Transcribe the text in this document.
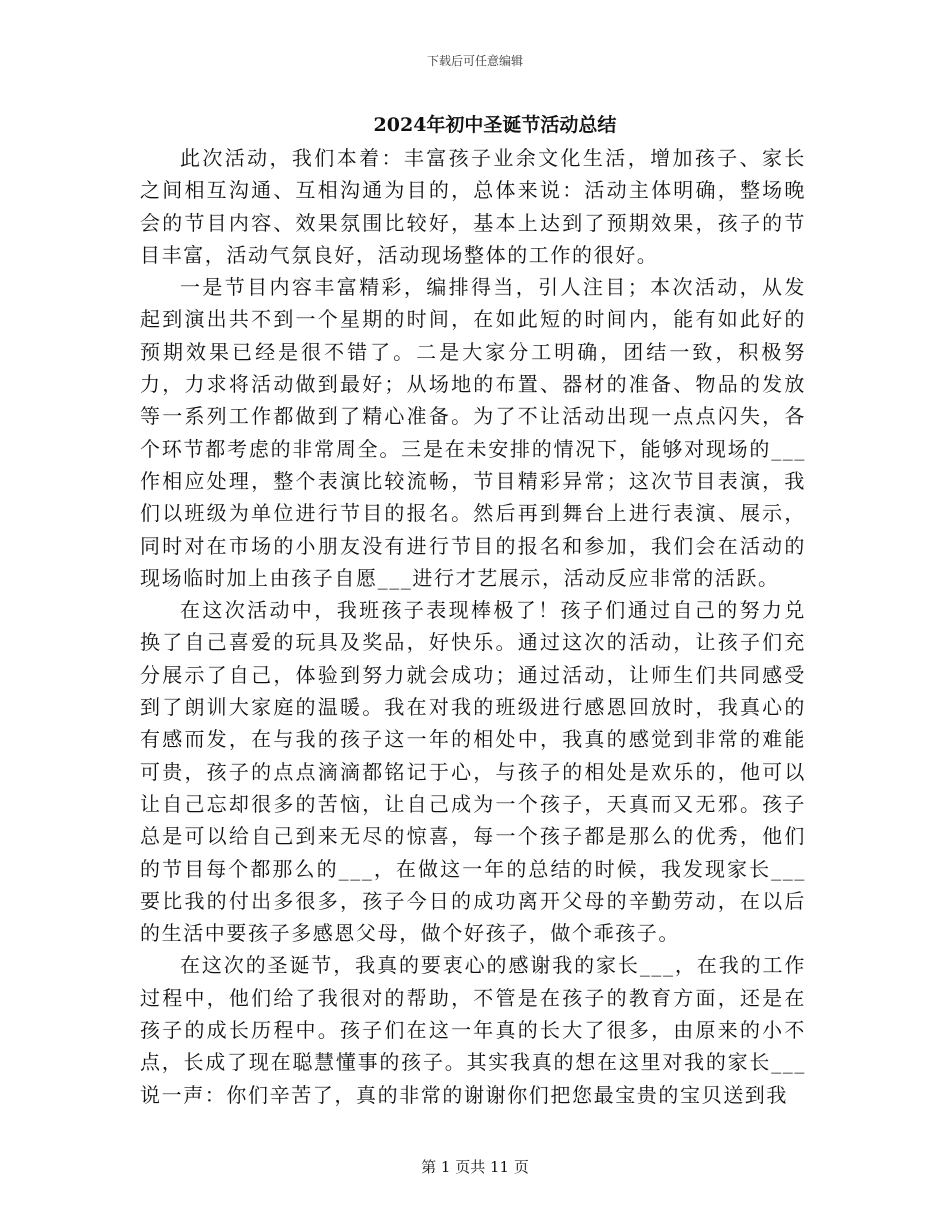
下载后可任意编辑
2024年初中圣诞节活动总结

此次活动，我们本着：丰富孩子业余文化生活，增加孩子、家长之间相互沟通、互相沟通为目的，总体来说：活动主体明确，整场晚会的节目内容、效果氛围比较好，基本上达到了预期效果，孩子的节目丰富，活动气氛良好，活动现场整体的工作的很好。

一是节目内容丰富精彩，编排得当，引人注目；本次活动，从发起到演出共不到一个星期的时间，在如此短的时间内，能有如此好的预期效果已经是很不错了。二是大家分工明确，团结一致，积极努力，力求将活动做到最好；从场地的布置、器材的准备、物品的发放等一系列工作都做到了精心准备。为了不让活动出现一点点闪失，各个环节都考虑的非常周全。三是在未安排的情况下，能够对现场的___作相应处理，整个表演比较流畅，节目精彩异常；这次节目表演，我们以班级为单位进行节目的报名。然后再到舞台上进行表演、展示，同时对在市场的小朋友没有进行节目的报名和参加，我们会在活动的现场临时加上由孩子自愿___进行才艺展示，活动反应非常的活跃。

在这次活动中，我班孩子表现棒极了！孩子们通过自己的努力兑换了自己喜爱的玩具及奖品，好快乐。通过这次的活动，让孩子们充分展示了自己，体验到努力就会成功；通过活动，让师生们共同感受到了朗训大家庭的温暖。我在对我的班级进行感恩回放时，我真心的有感而发，在与我的孩子这一年的相处中，我真的感觉到非常的难能可贵，孩子的点点滴滴都铭记于心，与孩子的相处是欢乐的，他可以让自己忘却很多的苦恼，让自己成为一个孩子，天真而又无邪。孩子总是可以给自己到来无尽的惊喜，每一个孩子都是那么的优秀，他们的节目每个都那么的___，在做这一年的总结的时候，我发现家长___要比我的付出多很多，孩子今日的成功离开父母的辛勤劳动，在以后的生活中要孩子多感恩父母，做个好孩子，做个乖孩子。

在这次的圣诞节，我真的要衷心的感谢我的家长___，在我的工作过程中，他们给了我很对的帮助，不管是在孩子的教育方面，还是在孩子的成长历程中。孩子们在这一年真的长大了很多，由原来的小不点，长成了现在聪慧懂事的孩子。其实我真的想在这里对我的家长___说一声：你们辛苦了，真的非常的谢谢你们把您最宝贵的宝贝送到我

第 1 页共 11 页
